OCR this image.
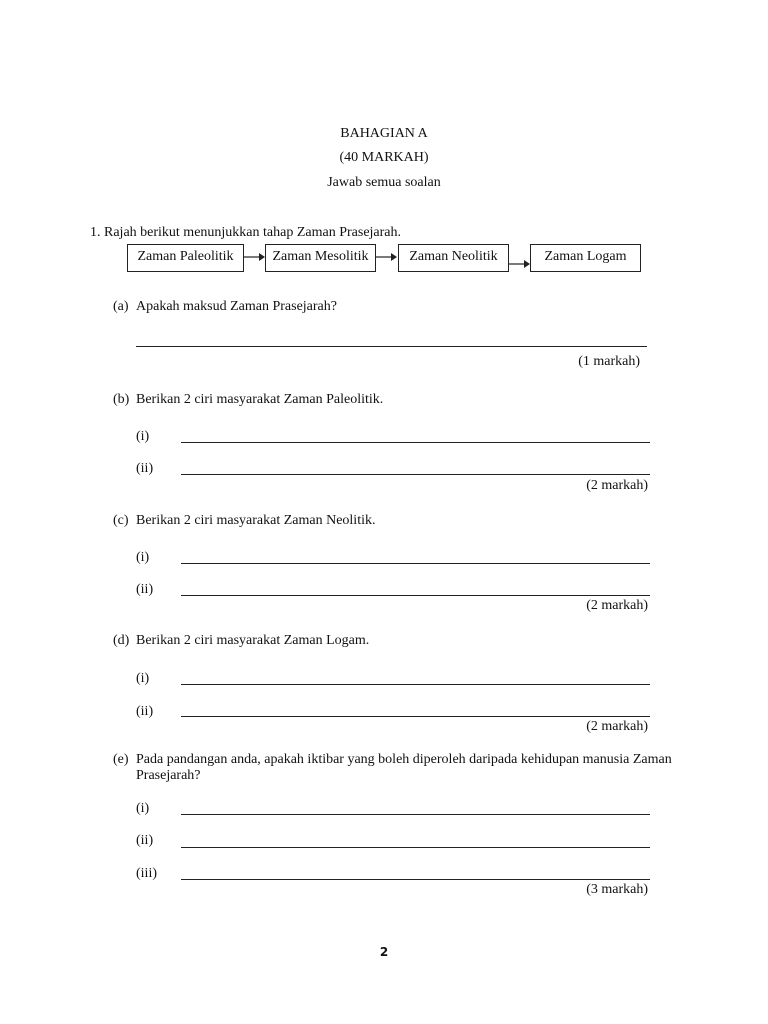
BAHAGIAN A
(40 MARKAH)
Jawab semua soalan
1. Rajah berikut menunjukkan tahap Zaman Prasejarah.
Zaman Paleolitik	Zaman Mesolitik	Zaman Neolitik	Zaman Logam
(a) Apakah maksud Zaman Prasejarah?
(1 markah)
(b) Berikan 2 ciri masyarakat Zaman Paleolitik.
(i)
(ii)
(2 markah)
(c) Berikan 2 ciri masyarakat Zaman Neolitik.
(i)
(ii)
(2 markah)
(d) Berikan 2 ciri masyarakat Zaman Logam.
(i)
(ii)
(2 markah)
(e) Pada pandangan anda, apakah iktibar yang boleh diperoleh daripada kehidupan manusia Zaman
Prasejarah?
(i)
(ii)
(iii)
(3 markah)
2
